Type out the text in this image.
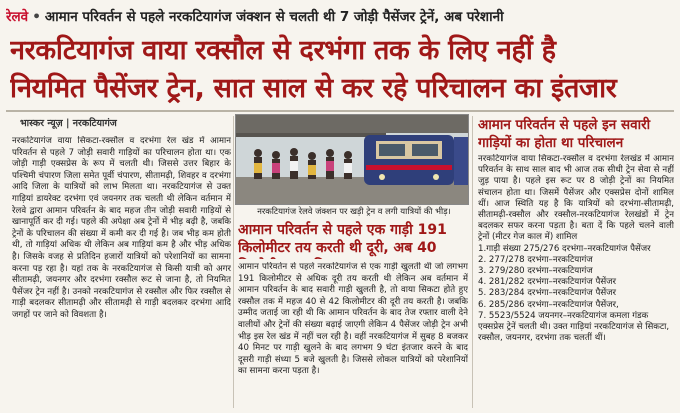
रेलवे • आमान परिवर्तन से पहले नरकटियागंज जंक्शन से चलती थी 7 जोड़ी पैसेंजर ट्रेनें, अब परेशानी
नरकटियागंज वाया रक्सौल से दरभंगा तक के लिए नहीं है
नियमित पैसेंजर ट्रेन, सात साल से कर रहे परिचालन का इंतजार
भास्कर न्यूज़ | नरकटियागंज

नरकटियागंज वाया सिकटा-रक्सौल व दरभंगा रेल खंड में आमान परिवर्तन से पहले 7 जोड़ी सवारी गाड़ियों का परिचालन होता था। एक जोड़ी गाड़ी एक्सप्रेस के रूप में चलती थी। जिससे उत्तर बिहार के पश्चिमी चंपारण जिला समेत पूर्वी चंपारण, सीतामढ़ी, शिवहर व दरभंगा आदि जिला के यात्रियों को लाभ मिलता था। नरकटियागंज से उक्त गाड़ियां डायरेक्ट दरभंगा एवं जयनगर तक चलती थी लेकिन वर्तमान में रेलवे द्वारा आमान परिवर्तन के बाद महज तीन जोड़ी सवारी गाड़ियों से खानापूर्ति कर दी गई। पहले की अपेक्षा अब ट्रेनों में भीड़ बढ़ी है, जबकि ट्रेनों के परिचालन की संख्या में कमी कर दी गई है। जब भीड़ कम होती थी, तो गाड़ियां अधिक थी लेकिन अब गाड़ियां कम है और भीड़ अधिक है। जिसके वजह से प्रतिदिन हजारों यात्रियों को परेशानियों का सामना करना पड़ रहा है। यहां तक के नरकटियागंज से किसी यात्री को अगर सीतामढ़ी, जयनगर और दरभंगा रक्सौल रूट से जाना है, तो नियमित पैसेंजर ट्रेन नहीं है। उनको नरकटियागंज से रक्सौल और फिर रक्सौल से गाड़ी बदलकर सीतामढ़ी और सीतामढ़ी से गाड़ी बदलकर दरभंगा आदि जगहों पर जाने को विवशता है।

नरकटियागंज रेलवे जंक्शन पर खड़ी ट्रेन व लगी यात्रियों की भीड़।
आमान परिवर्तन से पहले एक गाड़ी 191 किलोमीटर तय करती थी दूरी, अब 40
आमान परिवर्तन से पहले नरकटियागंज से एक गाड़ी खुलती थी जो लगभग 191 किलोमीटर से अधिक दूरी तय करती थी लेकिन अब वर्तमान में आमान परिवर्तन के बाद सवारी गाड़ी खुलती है, तो वाया सिकटा होते हुए रक्सौल तक में महज 40 से 42 किलोमीटर की दूरी तय करती है। जबकि उम्मीद जताई जा रही थी कि आमान परिवर्तन के बाद तेज रफ्तार वाली देने वालीयों और ट्रेनों की संख्या बढ़ाई जाएगी लेकिन 4 पैसेंजर जोड़ी ट्रेन अभी भीड़ इस रेल खंड में नहीं चल रही है। वहीं नरकटियागंज में सुबह 8 बजकर 40 मिनट पर गाड़ी खुलने के बाद लगभग 9 घंटा इंतजार करने के बाद दूसरी गाड़ी संध्या 5 बजे खुलती है। जिससे लोकल यात्रियों को परेशानियों का सामना करना पड़ता है।
आमान परिवर्तन से पहले इन सवारी गाड़ियों का होता था परिचालन

नरकटियागंज वाया सिकटा-रक्सौल व दरभंगा रेलखंड में आमान परिवर्तन के साथ साल बाद भी आज तक सीधी ट्रेन सेवा से नहीं जुड़ पाया है। पहले इस रूट पर 8 जोड़ी ट्रेनों का नियमित संचालन होता था। जिसमें पैसेंजर और एक्सप्रेस दोनों शामिल थीं। आज स्थिति यह है कि यात्रियों को दरभंगा-सीतामढ़ी, सीतामढ़ी-रक्सौल और रक्सौल-नरकटियागंज रेलखंडों में ट्रेन बदलकर सफर करना पड़ता है। बता दें कि पहले चलने वाली ट्रेनों (मीटर गेज काल में) शामिल

1.गाड़ी संख्या 275/276 दरभंगा–नरकटियागंज पैसेंजर
2. 277/278 दरभंगा–नरकटियागंज
3. 279/280 दरभंगा–नरकटियागंज
4. 281/282 दरभंगा–नरकटियागंज पैसेंजर
5. 283/284 दरभंगा–नरकटियागंज पैसेंजर
6. 285/286 दरभंगा–नरकटियागंज पैसेंजर,
7. 5523/5524 जयनगर–नरकटियागंज कमला गंडक एक्सप्रेस ट्रेनें चलती थी। उक्त गाड़ियां नरकटियागंज से सिकटा, रक्सौल, जयनगर, दरभंगा तक चलतीं थीं।
